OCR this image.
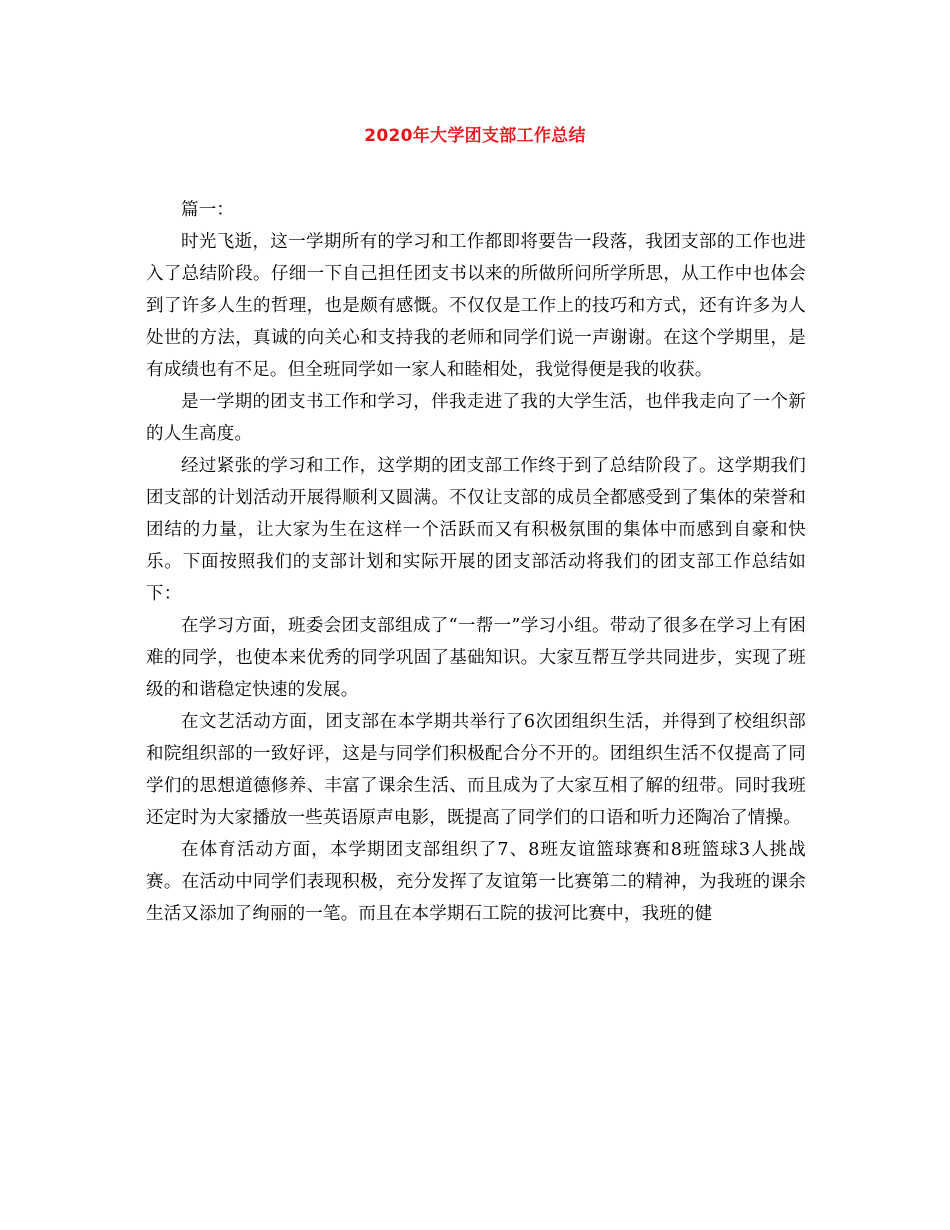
2020年大学团支部工作总结

篇一：

时光飞逝，这一学期所有的学习和工作都即将要告一段落，我团支部的工作也进入了总结阶段。仔细一下自己担任团支书以来的所做所问所学所思，从工作中也体会到了许多人生的哲理，也是颇有感慨。不仅仅是工作上的技巧和方式，还有许多为人处世的方法，真诚的向关心和支持我的老师和同学们说一声谢谢。在这个学期里，是有成绩也有不足。但全班同学如一家人和睦相处，我觉得便是我的收获。

是一学期的团支书工作和学习，伴我走进了我的大学生活，也伴我走向了一个新的人生高度。

经过紧张的学习和工作，这学期的团支部工作终于到了总结阶段了。这学期我们团支部的计划活动开展得顺利又圆满。不仅让支部的成员全都感受到了集体的荣誉和团结的力量，让大家为生在这样一个活跃而又有积极氛围的集体中而感到自豪和快乐。下面按照我们的支部计划和实际开展的团支部活动将我们的团支部工作总结如下：

在学习方面，班委会团支部组成了“一帮一”学习小组。带动了很多在学习上有困难的同学，也使本来优秀的同学巩固了基础知识。大家互帮互学共同进步，实现了班级的和谐稳定快速的发展。

在文艺活动方面，团支部在本学期共举行了6次团组织生活，并得到了校组织部和院组织部的一致好评，这是与同学们积极配合分不开的。团组织生活不仅提高了同学们的思想道德修养、丰富了课余生活、而且成为了大家互相了解的纽带。同时我班还定时为大家播放一些英语原声电影，既提高了同学们的口语和听力还陶冶了情操。

在体育活动方面，本学期团支部组织了7、8班友谊篮球赛和8班篮球3人挑战赛。在活动中同学们表现积极，充分发挥了友谊第一比赛第二的精神，为我班的课余生活又添加了绚丽的一笔。而且在本学期石工院的拔河比赛中，我班的健
